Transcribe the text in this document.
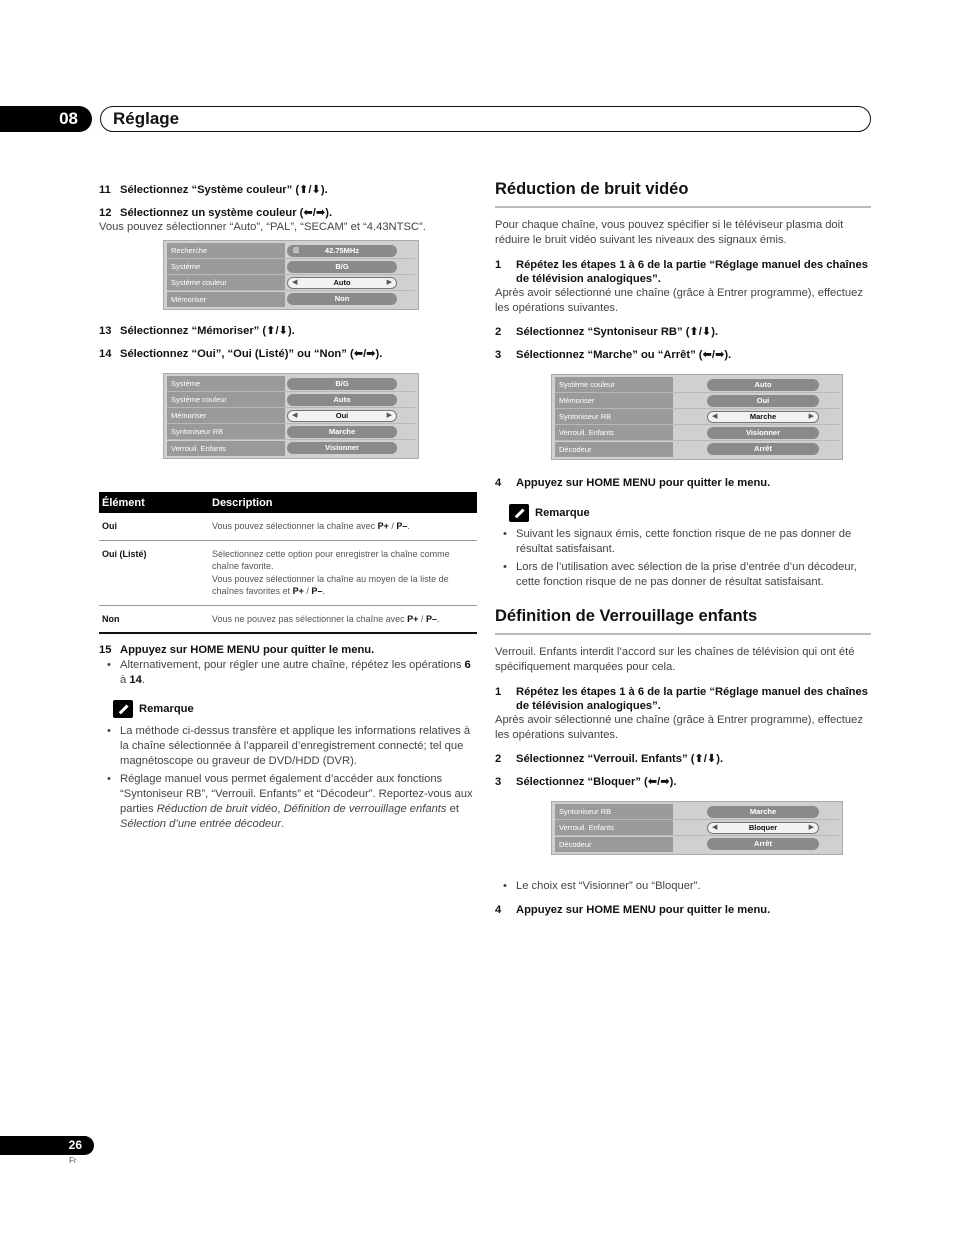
08	Réglage
11 Sélectionnez “Système couleur” (⬆/⬇).
12 Sélectionnez un système couleur (⬅/➡).
Vous pouvez sélectionner “Auto”, “PAL”, “SECAM” et “4.43NTSC”.
Recherche	▥	42.75MHz
Système	B/G
Système couleur	◀	Auto	▶
Mémoriser	Non
13 Sélectionnez “Mémoriser” (⬆/⬇).
14 Sélectionnez “Oui”, “Oui (Listé)” ou “Non” (⬅/➡).
Système	B/G
Système couleur	Auto
Mémoriser	◀	Oui	▶
Syntoniseur RB	Marche
Verrouil. Enfants	Visionner
Élément	Description
Oui	Vous pouvez sélectionner la chaîne avec P+ / P–.
Oui (Listé)	Sélectionnez cette option pour enregistrer la chaîne comme chaîne favorite.
Vous pouvez sélectionner la chaîne au moyen de la liste de chaînes favorites et P+ / P–.

Non	Vous ne pouvez pas sélectionner la chaîne avec P+ / P–.
15 Appuyez sur HOME MENU pour quitter le menu.
• Alternativement, pour régler une autre chaîne, répétez les opérations 6 à 14.
Remarque
• La méthode ci-dessus transfère et applique les informations relatives à la chaîne sélectionnée à l’appareil d’enregistrement connecté; tel que magnétoscope ou graveur de DVD/HDD (DVR).
• Réglage manuel vous permet également d’accéder aux fonctions “Syntoniseur RB”, “Verrouil. Enfants” et “Décodeur”. Reportez-vous aux parties Réduction de bruit vidéo, Définition de verrouillage enfants et Sélection d’une entrée décodeur.
Réduction de bruit vidéo
Pour chaque chaîne, vous pouvez spécifier si le téléviseur plasma doit réduire le bruit vidéo suivant les niveaux des signaux émis.
1 Répétez les étapes 1 à 6 de la partie “Réglage manuel des chaînes de télévision analogiques”.
Après avoir sélectionné une chaîne (grâce à Entrer programme), effectuez les opérations suivantes.
2 Sélectionnez “Syntoniseur RB” (⬆/⬇).
3 Sélectionnez “Marche” ou “Arrêt” (⬅/➡).
Système couleur	Auto
Mémoriser	Oui
Syntoniseur RB	◀	Marche	▶
Verrouil. Enfants	Visionner
Décodeur	Arrêt
4 Appuyez sur HOME MENU pour quitter le menu.
Remarque
• Suivant les signaux émis, cette fonction risque de ne pas donner de résultat satisfaisant.
• Lors de l’utilisation avec sélection de la prise d’entrée d’un décodeur, cette fonction risque de ne pas donner de résultat satisfaisant.
Définition de Verrouillage enfants
Verrouil. Enfants interdit l’accord sur les chaînes de télévision qui ont été spécifiquement marquées pour cela.
1 Répétez les étapes 1 à 6 de la partie “Réglage manuel des chaînes de télévision analogiques”.
Après avoir sélectionné une chaîne (grâce à Entrer programme), effectuez les opérations suivantes.
2 Sélectionnez “Verrouil. Enfants” (⬆/⬇).
3 Sélectionnez “Bloquer” (⬅/➡).
Syntoniseur RB	Marche
Verrouil. Enfants	◀	Bloquer	▶
Décodeur	Arrêt
• Le choix est “Visionner” ou “Bloquer”.
4 Appuyez sur HOME MENU pour quitter le menu.
26
Fr
